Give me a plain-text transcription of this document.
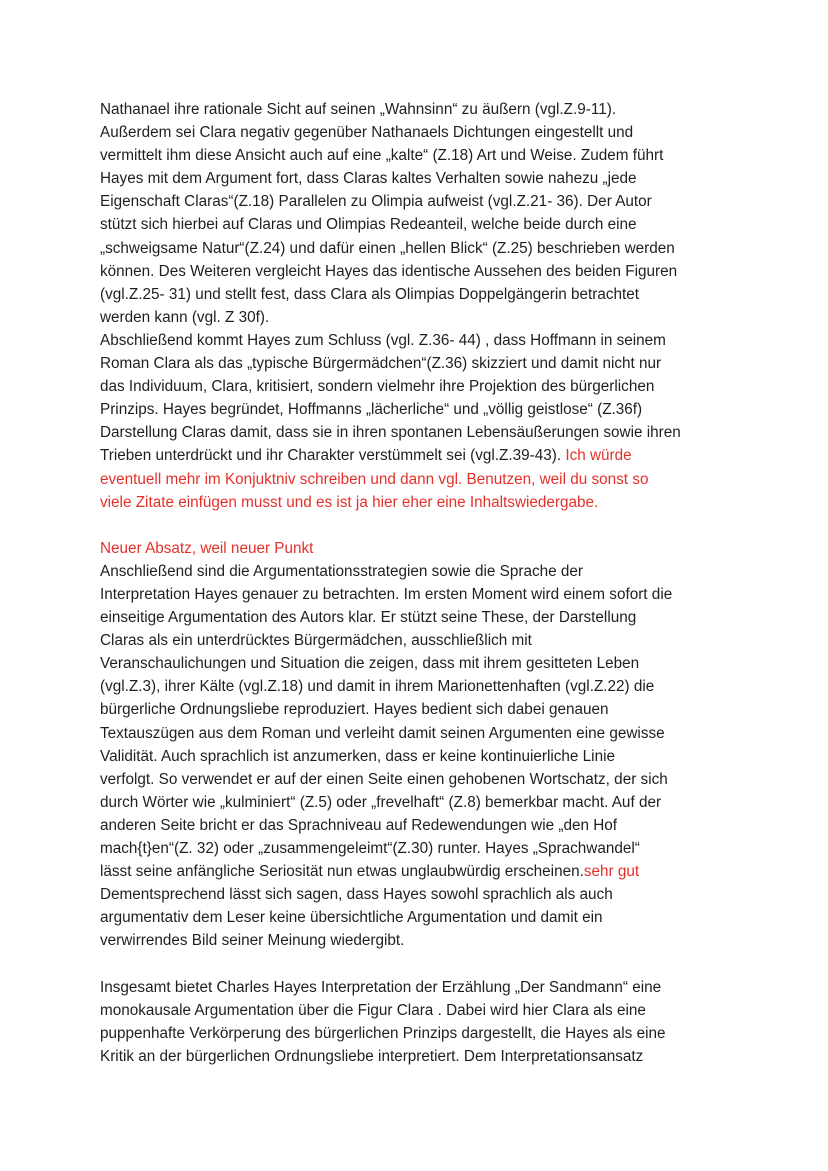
Nathanael ihre rationale Sicht auf seinen „Wahnsinn“ zu äußern (vgl.Z.9-11).
Außerdem sei Clara negativ gegenüber Nathanaels Dichtungen eingestellt und
vermittelt ihm diese Ansicht auch auf eine „kalte“ (Z.18) Art und Weise. Zudem führt
Hayes mit dem Argument fort, dass Claras kaltes Verhalten sowie nahezu „jede
Eigenschaft Claras“(Z.18) Parallelen zu Olimpia aufweist (vgl.Z.21- 36). Der Autor
stützt sich hierbei auf Claras und Olimpias Redeanteil, welche beide durch eine
„schweigsame Natur“(Z.24) und dafür einen „hellen Blick“ (Z.25) beschrieben werden
können. Des Weiteren vergleicht Hayes das identische Aussehen des beiden Figuren
(vgl.Z.25- 31) und stellt fest, dass Clara als Olimpias Doppelgängerin betrachtet
werden kann (vgl. Z 30f).
Abschließend kommt Hayes zum Schluss (vgl. Z.36- 44) , dass Hoffmann in seinem
Roman Clara als das „typische Bürgermädchen“(Z.36) skizziert und damit nicht nur
das Individuum, Clara, kritisiert, sondern vielmehr ihre Projektion des bürgerlichen
Prinzips. Hayes begründet, Hoffmanns „lächerliche“ und „völlig geistlose“ (Z.36f)
Darstellung Claras damit, dass sie in ihren spontanen Lebensäußerungen sowie ihren
Trieben unterdrückt und ihr Charakter verstümmelt sei (vgl.Z.39-43). Ich würde
eventuell mehr im Konjuktniv schreiben und dann vgl. Benutzen, weil du sonst so
viele Zitate einfügen musst und es ist ja hier eher eine Inhaltswiedergabe.
Neuer Absatz, weil neuer Punkt
Anschließend sind die Argumentationsstrategien sowie die Sprache der
Interpretation Hayes genauer zu betrachten. Im ersten Moment wird einem sofort die
einseitige Argumentation des Autors klar. Er stützt seine These, der Darstellung
Claras als ein unterdrücktes Bürgermädchen, ausschließlich mit
Veranschaulichungen und Situation die zeigen, dass mit ihrem gesitteten Leben
(vgl.Z.3), ihrer Kälte (vgl.Z.18) und damit in ihrem Marionettenhaften (vgl.Z.22) die
bürgerliche Ordnungsliebe reproduziert. Hayes bedient sich dabei genauen
Textauszügen aus dem Roman und verleiht damit seinen Argumenten eine gewisse
Validität. Auch sprachlich ist anzumerken, dass er keine kontinuierliche Linie
verfolgt. So verwendet er auf der einen Seite einen gehobenen Wortschatz, der sich
durch Wörter wie „kulminiert“ (Z.5) oder „frevelhaft“ (Z.8) bemerkbar macht. Auf der
anderen Seite bricht er das Sprachniveau auf Redewendungen wie „den Hof
mach{t}en“(Z. 32) oder „zusammengeleimt“(Z.30) runter. Hayes „Sprachwandel“
lässt seine anfängliche Seriosität nun etwas unglaubwürdig erscheinen.sehr gut
Dementsprechend lässt sich sagen, dass Hayes sowohl sprachlich als auch
argumentativ dem Leser keine übersichtliche Argumentation und damit ein
verwirrendes Bild seiner Meinung wiedergibt.
Insgesamt bietet Charles Hayes Interpretation der Erzählung „Der Sandmann“ eine
monokausale Argumentation über die Figur Clara . Dabei wird hier Clara als eine
puppenhafte Verkörperung des bürgerlichen Prinzips dargestellt, die Hayes als eine
Kritik an der bürgerlichen Ordnungsliebe interpretiert. Dem Interpretationsansatz
